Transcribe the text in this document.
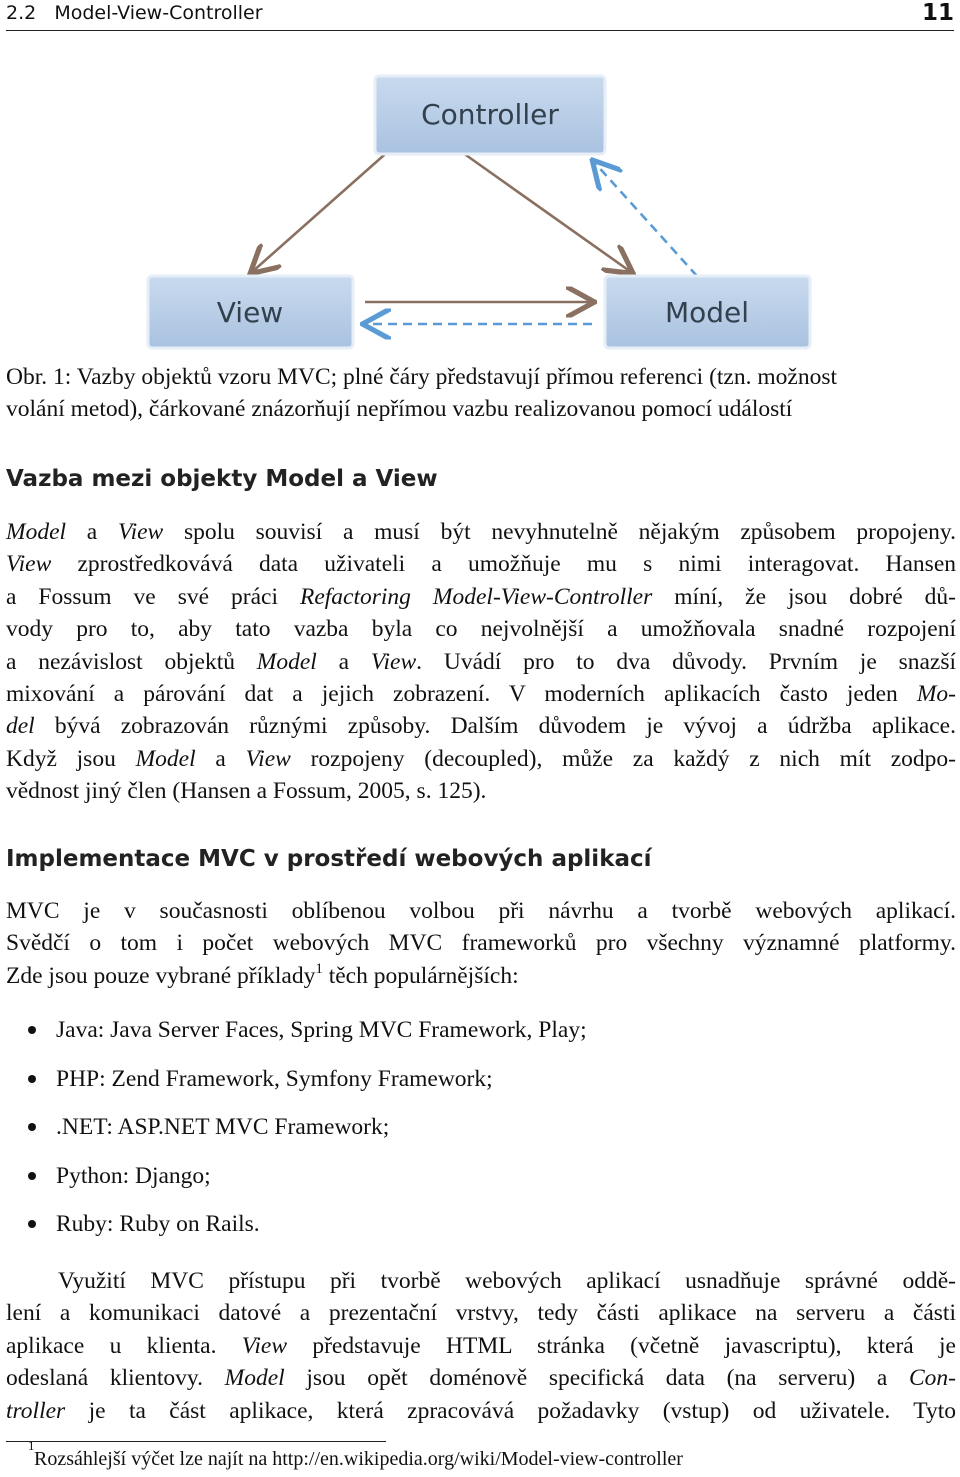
2.2   Model-View-Controller	11
Controller
View	Model
Obr. 1: Vazby objektů vzoru MVC; plné čáry představují přímou referenci (tzn. možnost
volání metod), čárkované znázorňují nepřímou vazbu realizovanou pomocí událostí
Vazba mezi objekty Model a View
Model a View spolu souvisí a musí být nevyhnutelně nějakým způsobem propojeny.
View zprostředkovává data uživateli a umožňuje mu s nimi interagovat. Hansen
a Fossum ve své práci Refactoring Model-View-Controller míní, že jsou dobré dů-
vody pro to, aby tato vazba byla co nejvolnější a umožňovala snadné rozpojení
a nezávislost objektů Model a View. Uvádí pro to dva důvody. Prvním je snazší
mixování a párování dat a jejich zobrazení. V moderních aplikacích často jeden Mo-
del bývá zobrazován různými způsoby. Dalším důvodem je vývoj a údržba aplikace.
Když jsou Model a View rozpojeny (decoupled), může za každý z nich mít zodpo-
vědnost jiný člen (Hansen a Fossum, 2005, s. 125).
Implementace MVC v prostředí webových aplikací
MVC je v současnosti oblíbenou volbou při návrhu a tvorbě webových aplikací.
Svědčí o tom i počet webových MVC frameworků pro všechny významné platformy.
Zde jsou pouze vybrané příklady$^1$ těch populárnějších:
Java: Java Server Faces, Spring MVC Framework, Play;
PHP: Zend Framework, Symfony Framework;
.NET: ASP.NET MVC Framework;
Python: Django;
Ruby: Ruby on Rails.
Využití MVC přístupu při tvorbě webových aplikací usnadňuje správné oddě-
lení a komunikaci datové a prezentační vrstvy, tedy části aplikace na serveru a části
aplikace u klienta. View představuje HTML stránka (včetně javascriptu), která je
odeslaná klientovy. Model jsou opět doménově specifická data (na serveru) a Con-
troller je ta část aplikace, která zpracovává požadavky (vstup) od uživatele. Tyto
1
Rozsáhlejší výčet lze najít na http://en.wikipedia.org/wiki/Model-view-controller
